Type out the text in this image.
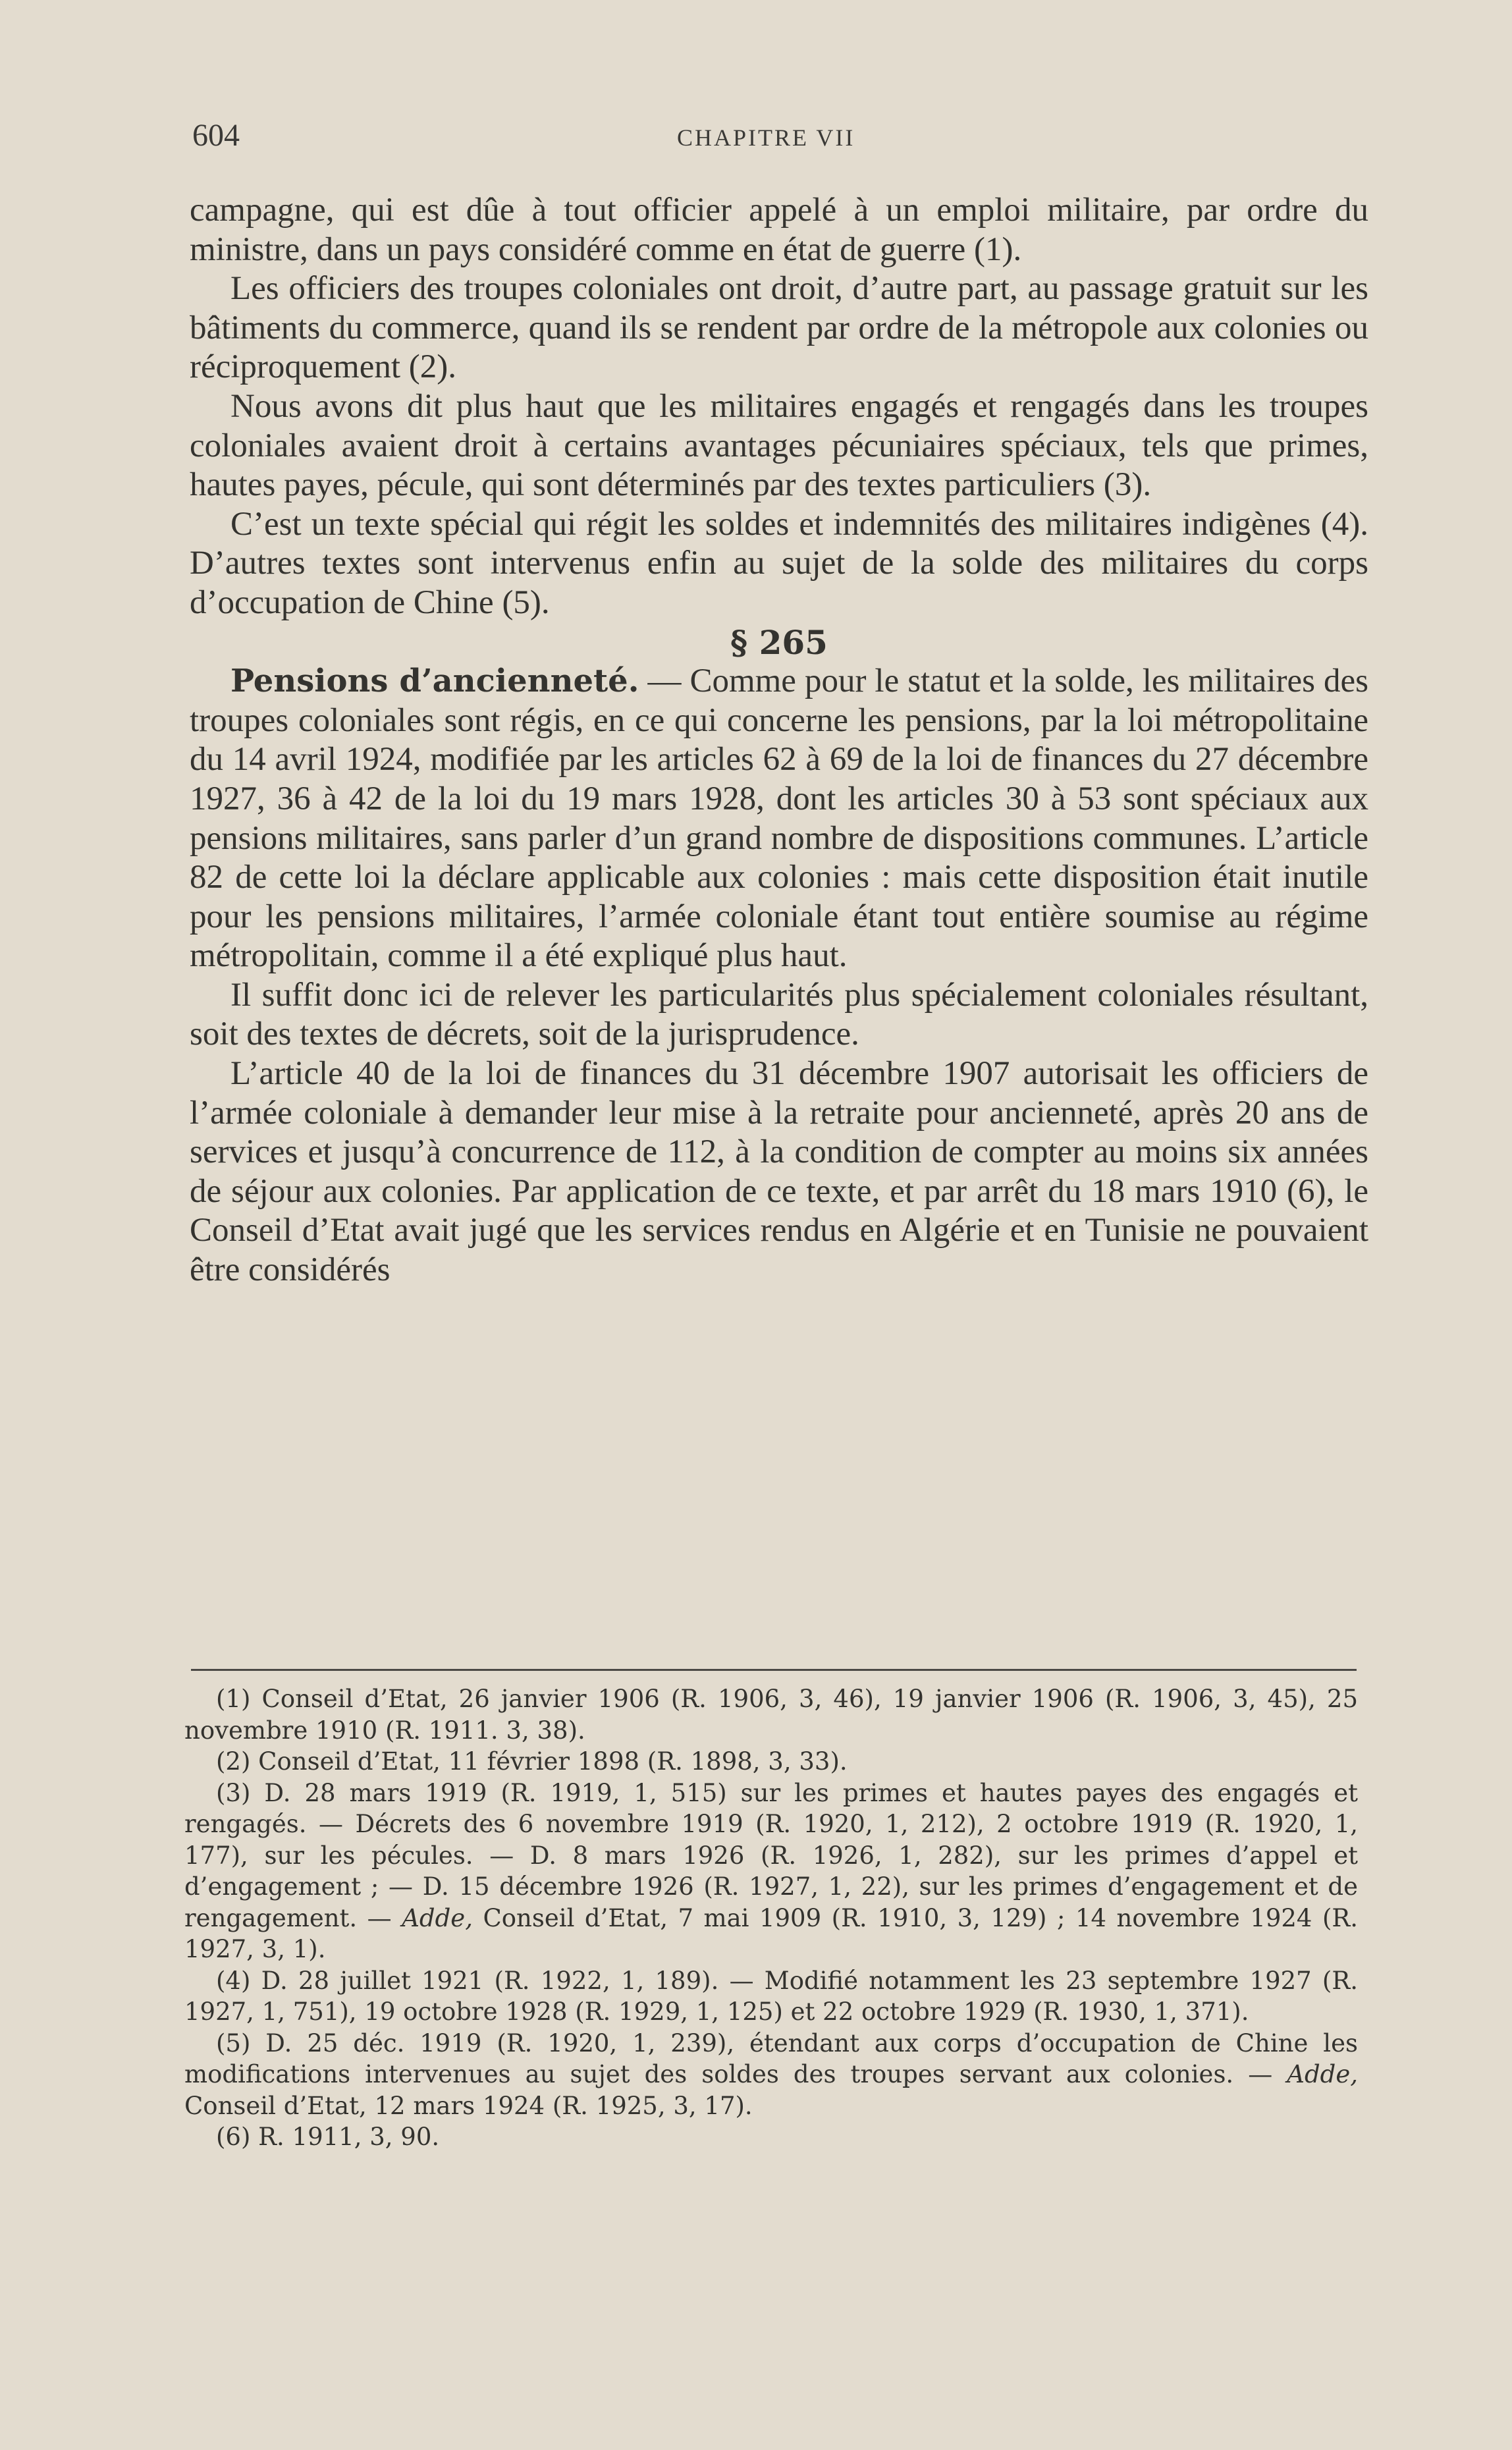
604	CHAPITRE VII

campagne, qui est dûe à tout officier appelé à un emploi militaire, par ordre du ministre, dans un pays considéré comme en état de guerre (1).

Les officiers des troupes coloniales ont droit, d’autre part, au passage gratuit sur les bâtiments du commerce, quand ils se rendent par ordre de la métropole aux colonies ou réciproquement (2).

Nous avons dit plus haut que les militaires engagés et rengagés dans les troupes coloniales avaient droit à certains avantages pécuniaires spéciaux, tels que primes, hautes payes, pécule, qui sont déterminés par des textes particuliers (3).

C’est un texte spécial qui régit les soldes et indemnités des militaires indigènes (4). D’autres textes sont intervenus enfin au sujet de la solde des militaires du corps d’occupation de Chine (5).

§ 265

Pensions d’ancienneté. — Comme pour le statut et la solde, les militaires des troupes coloniales sont régis, en ce qui concerne les pensions, par la loi métropolitaine du 14 avril 1924, modifiée par les articles 62 à 69 de la loi de finances du 27 décembre 1927, 36 à 42 de la loi du 19 mars 1928, dont les articles 30 à 53 sont spéciaux aux pensions militaires, sans parler d’un grand nombre de dispositions communes. L’article 82 de cette loi la déclare applicable aux colonies : mais cette disposition était inutile pour les pensions militaires, l’armée coloniale étant tout entière soumise au régime métropolitain, comme il a été expliqué plus haut.

Il suffit donc ici de relever les particularités plus spécialement coloniales résultant, soit des textes de décrets, soit de la jurisprudence.

L’article 40 de la loi de finances du 31 décembre 1907 autorisait les officiers de l’armée coloniale à demander leur mise à la retraite pour ancienneté, après 20 ans de services et jusqu’à concurrence de 112, à la condition de compter au moins six années de séjour aux colonies. Par application de ce texte, et par arrêt du 18 mars 1910 (6), le Conseil d’Etat avait jugé que les services rendus en Algérie et en Tunisie ne pouvaient être considérés

(1) Conseil d’Etat, 26 janvier 1906 (R. 1906, 3, 46), 19 janvier 1906 (R. 1906, 3, 45), 25 novembre 1910 (R. 1911. 3, 38).

(2) Conseil d’Etat, 11 février 1898 (R. 1898, 3, 33).

(3) D. 28 mars 1919 (R. 1919, 1, 515) sur les primes et hautes payes des engagés et rengagés. — Décrets des 6 novembre 1919 (R. 1920, 1, 212), 2 octobre 1919 (R. 1920, 1, 177), sur les pécules. — D. 8 mars 1926 (R. 1926, 1, 282), sur les primes d’appel et d’engagement ; — D. 15 décembre 1926 (R. 1927, 1, 22), sur les primes d’engagement et de rengagement. — Adde, Conseil d’Etat, 7 mai 1909 (R. 1910, 3, 129) ; 14 novembre 1924 (R. 1927, 3, 1).

(4) D. 28 juillet 1921 (R. 1922, 1, 189). — Modifié notamment les 23 septembre 1927 (R. 1927, 1, 751), 19 octobre 1928 (R. 1929, 1, 125) et 22 octobre 1929 (R. 1930, 1, 371).

(5) D. 25 déc. 1919 (R. 1920, 1, 239), étendant aux corps d’occupation de Chine les modifications intervenues au sujet des soldes des troupes servant aux colonies. — Adde, Conseil d’Etat, 12 mars 1924 (R. 1925, 3, 17).

(6) R. 1911, 3, 90.
